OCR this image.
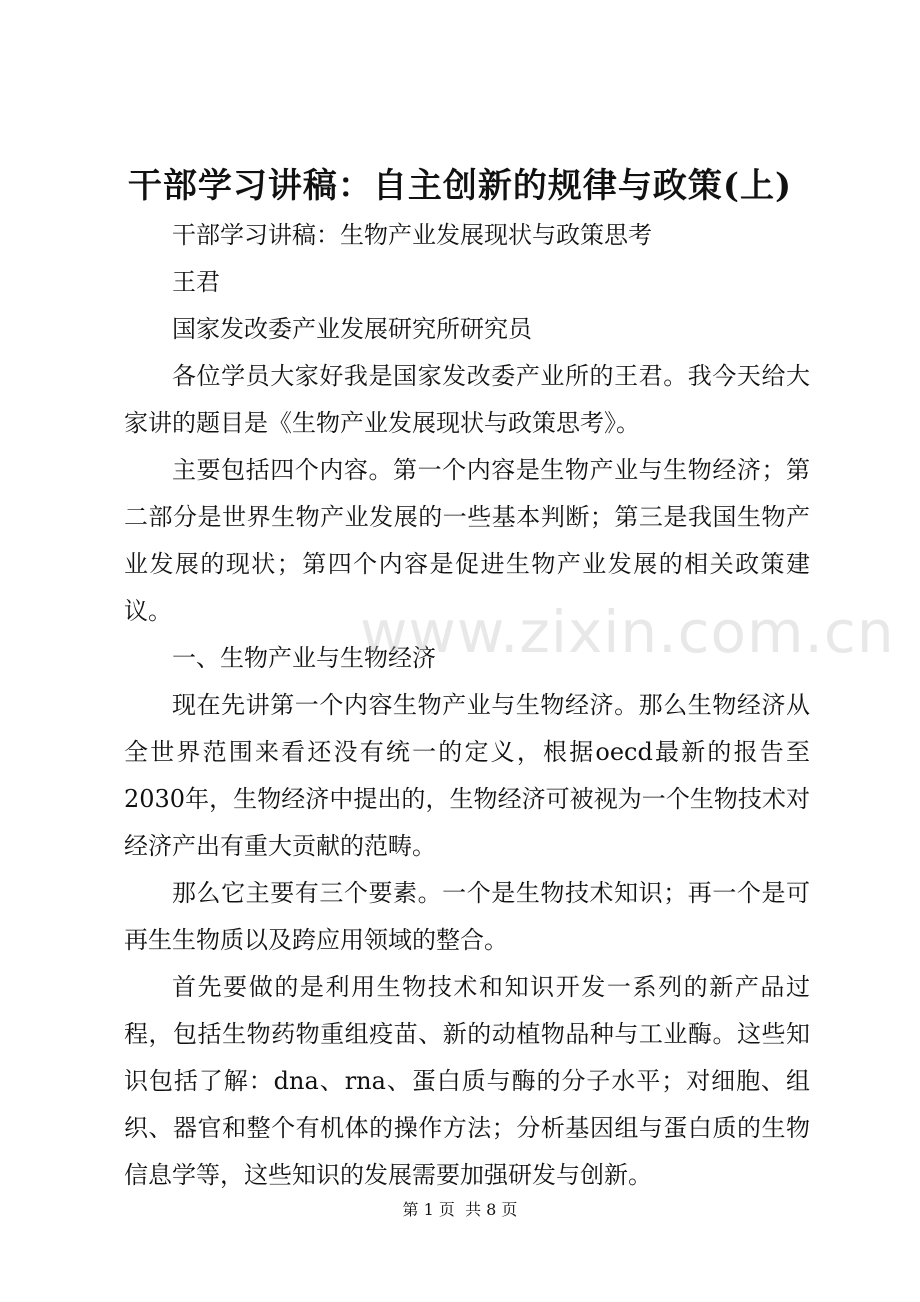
干部学习讲稿：自主创新的规律与政策(上)

干部学习讲稿：生物产业发展现状与政策思考

王君

国家发改委产业发展研究所研究员

各位学员大家好我是国家发改委产业所的王君。我今天给大家讲的题目是《生物产业发展现状与政策思考》。

主要包括四个内容。第一个内容是生物产业与生物经济；第二部分是世界生物产业发展的一些基本判断；第三是我国生物产业发展的现状；第四个内容是促进生物产业发展的相关政策建议。

一、生物产业与生物经济

现在先讲第一个内容生物产业与生物经济。那么生物经济从全世界范围来看还没有统一的定义，根据oecd最新的报告至2030年，生物经济中提出的，生物经济可被视为一个生物技术对经济产出有重大贡献的范畴。

那么它主要有三个要素。一个是生物技术知识；再一个是可再生生物质以及跨应用领域的整合。

首先要做的是利用生物技术和知识开发一系列的新产品过程，包括生物药物重组疫苗、新的动植物品种与工业酶。这些知识包括了解：dna、rna、蛋白质与酶的分子水平；对细胞、组织、器官和整个有机体的操作方法；分析基因组与蛋白质的生物信息学等，这些知识的发展需要加强研发与创新。

www.zixin.com.cn
第 1 页  共 8 页
